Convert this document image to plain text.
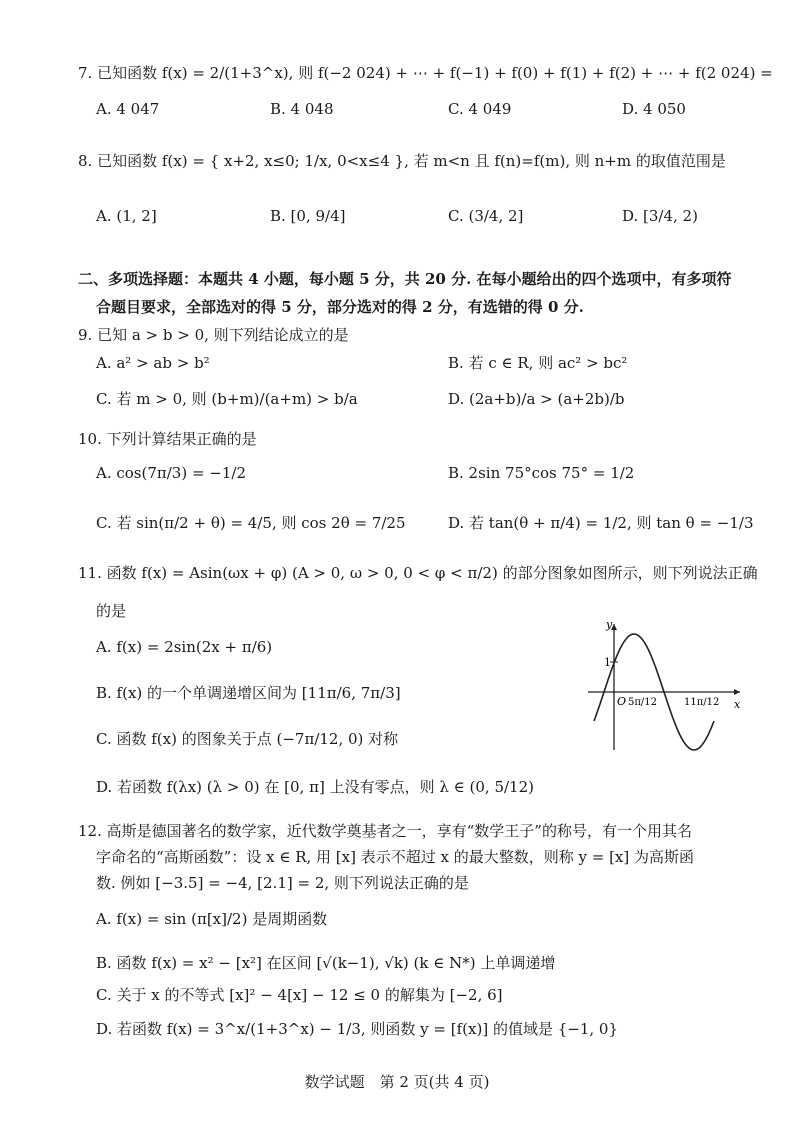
7. 已知函数 f(x) = 2/(1+3^x), 则 f(−2 024) + ⋯ + f(−1) + f(0) + f(1) + f(2) + ⋯ + f(2 024) =
A. 4 047	B. 4 048	C. 4 049	D. 4 050
8. 已知函数 f(x) = { x+2, x≤0; 1/x, 0<x≤4 }, 若 m<n 且 f(n)=f(m), 则 n+m 的取值范围是
A. (1, 2]	B. [0, 9/4]	C. (3/4, 2]	D. [3/4, 2)
二、多项选择题：本题共 4 小题，每小题 5 分，共 20 分. 在每小题给出的四个选项中，有多项符
合题目要求，全部选对的得 5 分，部分选对的得 2 分，有选错的得 0 分.
9. 已知 a > b > 0, 则下列结论成立的是
A. a² > ab > b²	B. 若 c ∈ R, 则 ac² > bc²
C. 若 m > 0, 则 (b+m)/(a+m) > b/a	D. (2a+b)/a > (a+2b)/b
10. 下列计算结果正确的是
A. cos(7π/3) = −1/2	B. 2sin 75°cos 75° = 1/2
C. 若 sin(π/2 + θ) = 4/5, 则 cos 2θ = 7/25	D. 若 tan(θ + π/4) = 1/2, 则 tan θ = −1/3
11. 函数 f(x) = Asin(ωx + φ) (A > 0, ω > 0, 0 < φ < π/2) 的部分图象如图所示，则下列说法正确
的是
A. f(x) = 2sin(2x + π/6)
B. f(x) 的一个单调递增区间为 [11π/6, 7π/3]
C. 函数 f(x) 的图象关于点 (−7π/12, 0) 对称
D. 若函数 f(λx) (λ > 0) 在 [0, π] 上没有零点，则 λ ∈ (0, 5/12)
y
x
1
O 5π/12	11π/12
12. 高斯是德国著名的数学家，近代数学奠基者之一，享有“数学王子”的称号，有一个用其名
字命名的“高斯函数”：设 x ∈ R, 用 [x] 表示不超过 x 的最大整数，则称 y = [x] 为高斯函
数. 例如 [−3.5] = −4, [2.1] = 2, 则下列说法正确的是
A. f(x) = sin (π[x]/2) 是周期函数
B. 函数 f(x) = x² − [x²] 在区间 [√(k−1), √k) (k ∈ N*) 上单调递增
C. 关于 x 的不等式 [x]² − 4[x] − 12 ≤ 0 的解集为 [−2, 6]
D. 若函数 f(x) = 3^x/(1+3^x) − 1/3, 则函数 y = [f(x)] 的值域是 {−1, 0}
数学试题　第 2 页(共 4 页)
